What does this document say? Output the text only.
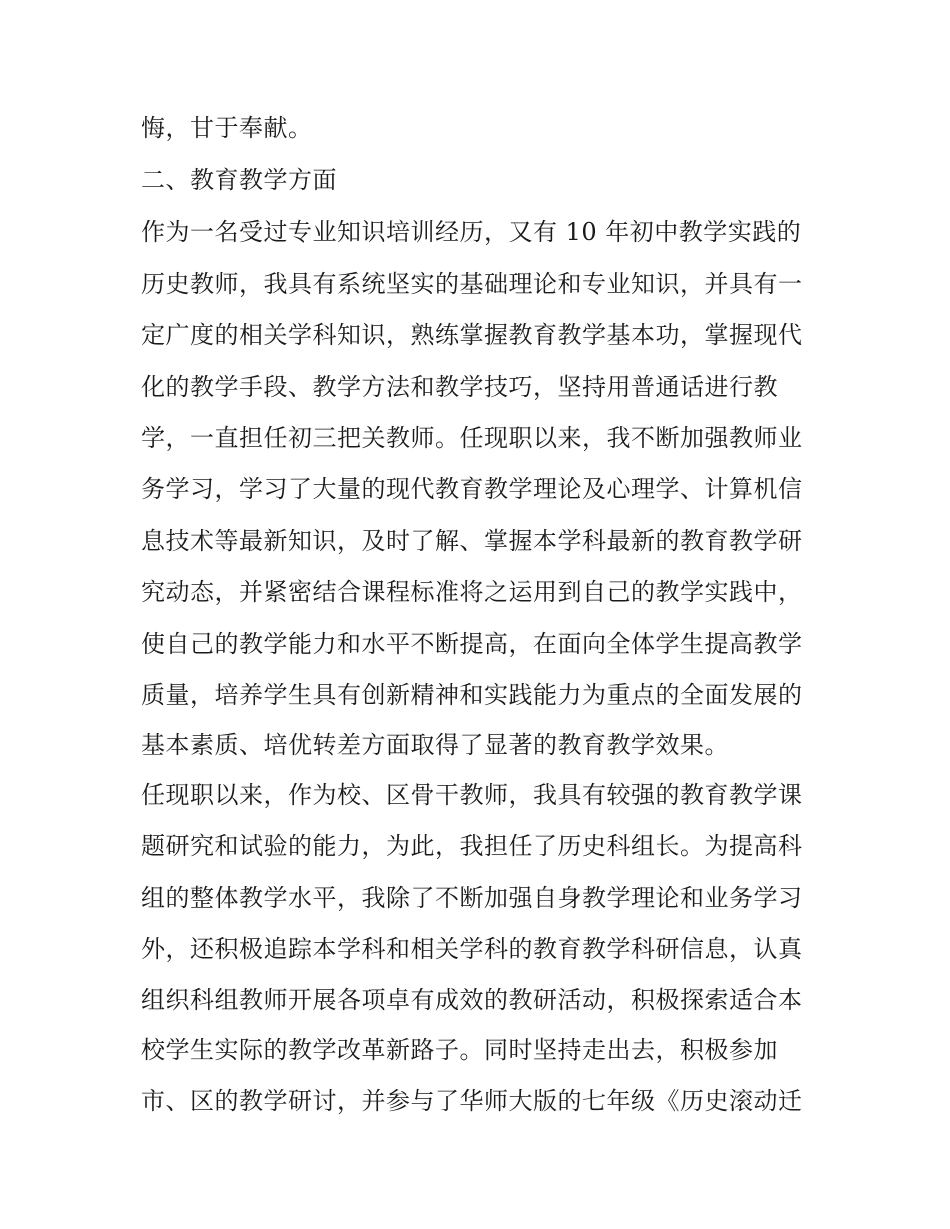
悔，甘于奉献。
二、教育教学方面
作为一名受过专业知识培训经历，又有 10 年初中教学实践的
历史教师，我具有系统坚实的基础理论和专业知识，并具有一
定广度的相关学科知识，熟练掌握教育教学基本功，掌握现代
化的教学手段、教学方法和教学技巧，坚持用普通话进行教
学，一直担任初三把关教师。任现职以来，我不断加强教师业
务学习，学习了大量的现代教育教学理论及心理学、计算机信
息技术等最新知识，及时了解、掌握本学科最新的教育教学研
究动态，并紧密结合课程标准将之运用到自己的教学实践中，
使自己的教学能力和水平不断提高，在面向全体学生提高教学
质量，培养学生具有创新精神和实践能力为重点的全面发展的
基本素质、培优转差方面取得了显著的教育教学效果。
任现职以来，作为校、区骨干教师，我具有较强的教育教学课
题研究和试验的能力，为此，我担任了历史科组长。为提高科
组的整体教学水平，我除了不断加强自身教学理论和业务学习
外，还积极追踪本学科和相关学科的教育教学科研信息，认真
组织科组教师开展各项卓有成效的教研活动，积极探索适合本
校学生实际的教学改革新路子。同时坚持走出去，积极参加
市、区的教学研讨，并参与了华师大版的七年级《历史滚动迁
